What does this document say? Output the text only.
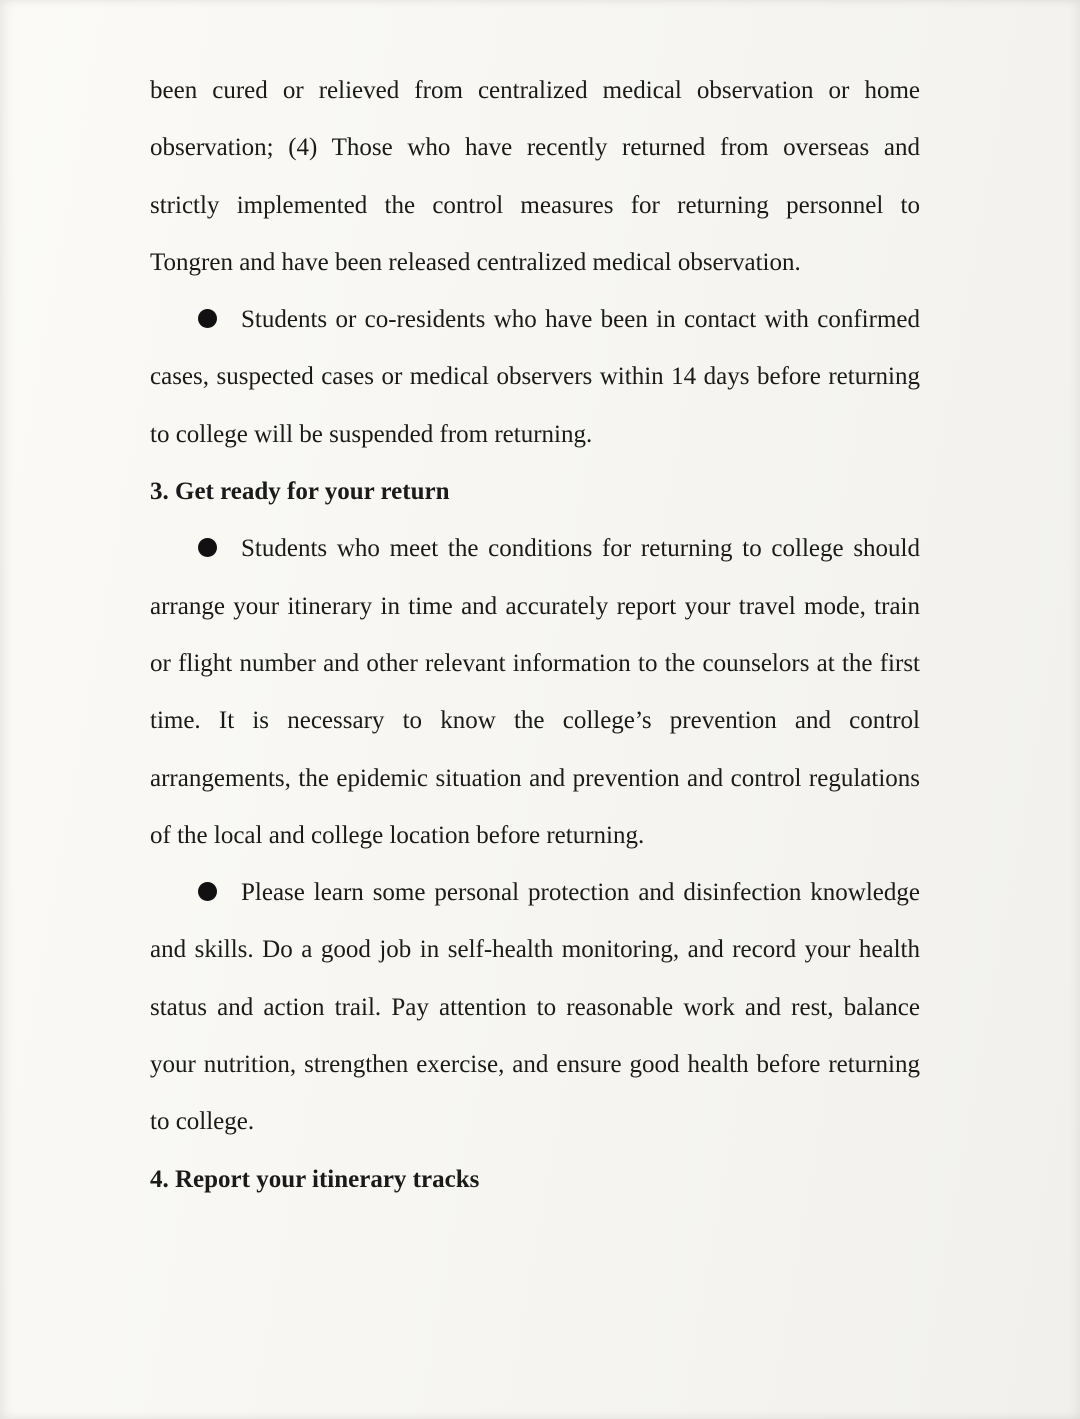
been cured or relieved from centralized medical observation or home observation; (4) Those who have recently returned from overseas and strictly implemented the control measures for returning personnel to Tongren and have been released centralized medical observation.

Students or co-residents who have been in contact with confirmed cases, suspected cases or medical observers within 14 days before returning to college will be suspended from returning.

3. Get ready for your return

Students who meet the conditions for returning to college should arrange your itinerary in time and accurately report your travel mode, train or flight number and other relevant information to the counselors at the first time. It is necessary to know the college’s prevention and control arrangements, the epidemic situation and prevention and control regulations of the local and college location before returning.

Please learn some personal protection and disinfection knowledge and skills. Do a good job in self-health monitoring, and record your health status and action trail. Pay attention to reasonable work and rest, balance your nutrition, strengthen exercise, and ensure good health before returning to college.

4. Report your itinerary tracks
